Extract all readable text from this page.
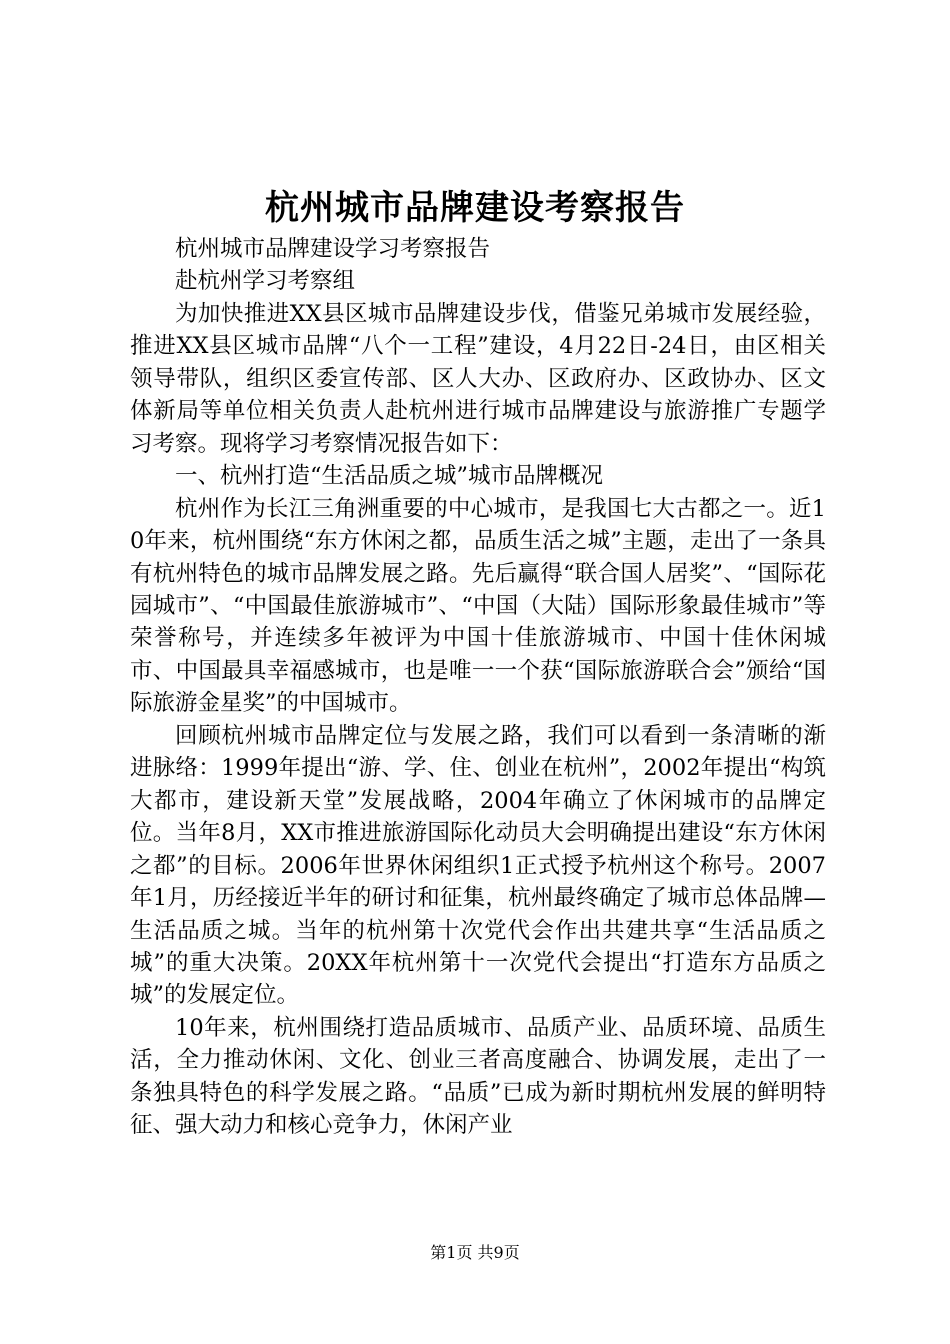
杭州城市品牌建设考察报告

杭州城市品牌建设学习考察报告

赴杭州学习考察组

为加快推进XX县区城市品牌建设步伐，借鉴兄弟城市发展经验，推进XX县区城市品牌“八个一工程”建设，4月22日-24日，由区相关领导带队，组织区委宣传部、区人大办、区政府办、区政协办、区文体新局等单位相关负责人赴杭州进行城市品牌建设与旅游推广专题学习考察。现将学习考察情况报告如下：

一、杭州打造“生活品质之城”城市品牌概况

杭州作为长江三角洲重要的中心城市，是我国七大古都之一。近10年来，杭州围绕“东方休闲之都，品质生活之城”主题，走出了一条具有杭州特色的城市品牌发展之路。先后赢得“联合国人居奖”、“国际花园城市”、“中国最佳旅游城市”、“中国（大陆）国际形象最佳城市”等荣誉称号，并连续多年被评为中国十佳旅游城市、中国十佳休闲城市、中国最具幸福感城市，也是唯一一个获“国际旅游联合会”颁给“国际旅游金星奖”的中国城市。

回顾杭州城市品牌定位与发展之路，我们可以看到一条清晰的渐进脉络：1999年提出“游、学、住、创业在杭州”，2002年提出“构筑大都市，建设新天堂”发展战略，2004年确立了休闲城市的品牌定位。当年8月，XX市推进旅游国际化动员大会明确提出建设“东方休闲之都”的目标。2006年世界休闲组织1正式授予杭州这个称号。2007年1月，历经接近半年的研讨和征集，杭州最终确定了城市总体品牌—生活品质之城。当年的杭州第十次党代会作出共建共享“生活品质之城”的重大决策。20XX年杭州第十一次党代会提出“打造东方品质之城”的发展定位。

10年来，杭州围绕打造品质城市、品质产业、品质环境、品质生活，全力推动休闲、文化、创业三者高度融合、协调发展，走出了一条独具特色的科学发展之路。“品质”已成为新时期杭州发展的鲜明特征、强大动力和核心竞争力，休闲产业

第1页 共9页
